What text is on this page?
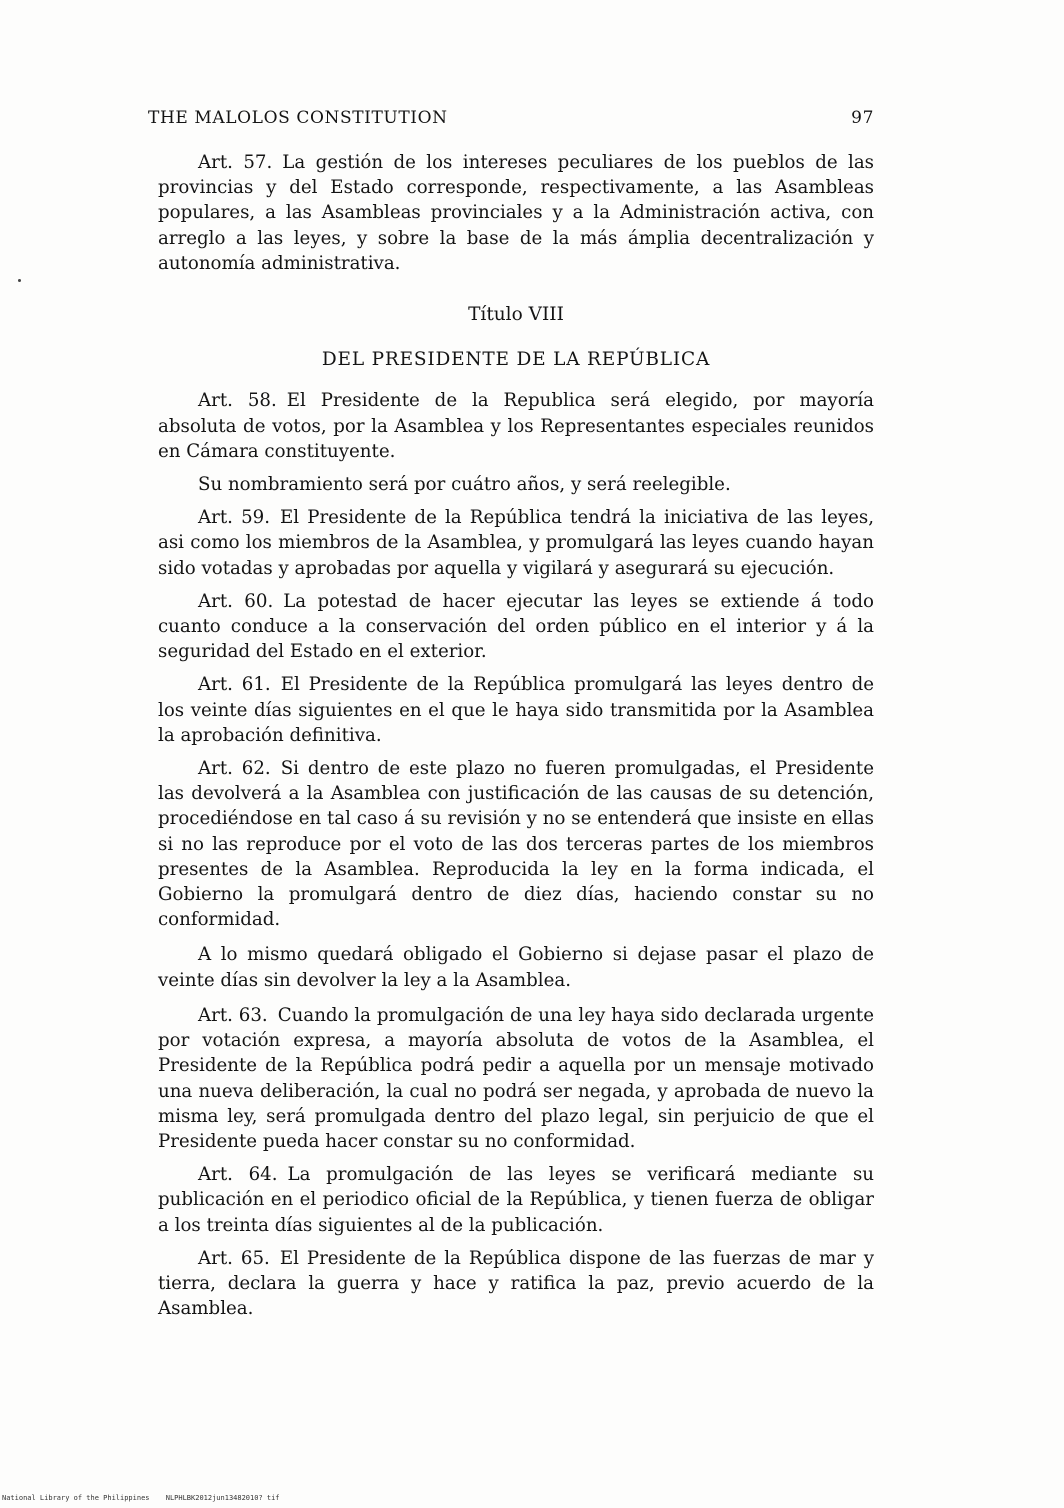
THE MALOLOS CONSTITUTION	97

Art. 57. La gestión de los intereses peculiares de los pueblos de las provincias y del Estado corresponde, respectivamente, a las Asambleas populares, a las Asambleas provinciales y a la Administración activa, con arreglo a las leyes, y sobre la base de la más ámplia decentralización y autonomía administrativa.

Título VIII

DEL PRESIDENTE DE LA REPÚBLICA

Art. 58. El Presidente de la Republica será elegido, por mayoría absoluta de votos, por la Asamblea y los Representantes especiales reunidos en Cámara constituyente.

Su nombramiento será por cuátro años, y será reelegible.

Art. 59. El Presidente de la República tendrá la iniciativa de las leyes, asi como los miembros de la Asamblea, y promulgará las leyes cuando hayan sido votadas y aprobadas por aquella y vigilará y asegurará su ejecución.

Art. 60. La potestad de hacer ejecutar las leyes se extiende á todo cuanto conduce a la conservación del orden público en el interior y á la seguridad del Estado en el exterior.

Art. 61. El Presidente de la República promulgará las leyes dentro de los veinte días siguientes en el que le haya sido transmitida por la Asamblea la aprobación definitiva.

Art. 62. Si dentro de este plazo no fueren promulgadas, el Presidente las devolverá a la Asamblea con justificación de las causas de su detención, procediéndose en tal caso á su revisión y no se entenderá que insiste en ellas si no las reproduce por el voto de las dos terceras partes de los miembros presentes de la Asamblea. Reproducida la ley en la forma indicada, el Gobierno la promulgará dentro de diez días, haciendo constar su no conformidad.

A lo mismo quedará obligado el Gobierno si dejase pasar el plazo de veinte días sin devolver la ley a la Asamblea.

Art. 63. Cuando la promulgación de una ley haya sido declarada urgente por votación expresa, a mayoría absoluta de votos de la Asamblea, el Presidente de la República podrá pedir a aquella por un mensaje motivado una nueva deliberación, la cual no podrá ser negada, y aprobada de nuevo la misma ley, será promulgada dentro del plazo legal, sin perjuicio de que el Presidente pueda hacer constar su no conformidad.

Art. 64. La promulgación de las leyes se verificará mediante su publicación en el periodico oficial de la República, y tienen fuerza de obligar a los treinta días siguientes al de la publicación.

Art. 65. El Presidente de la República dispone de las fuerzas de mar y tierra, declara la guerra y hace y ratifica la paz, previo acuerdo de la Asamblea.

National Library of the Philippines NLPHLBK2012jun13482010? tif
